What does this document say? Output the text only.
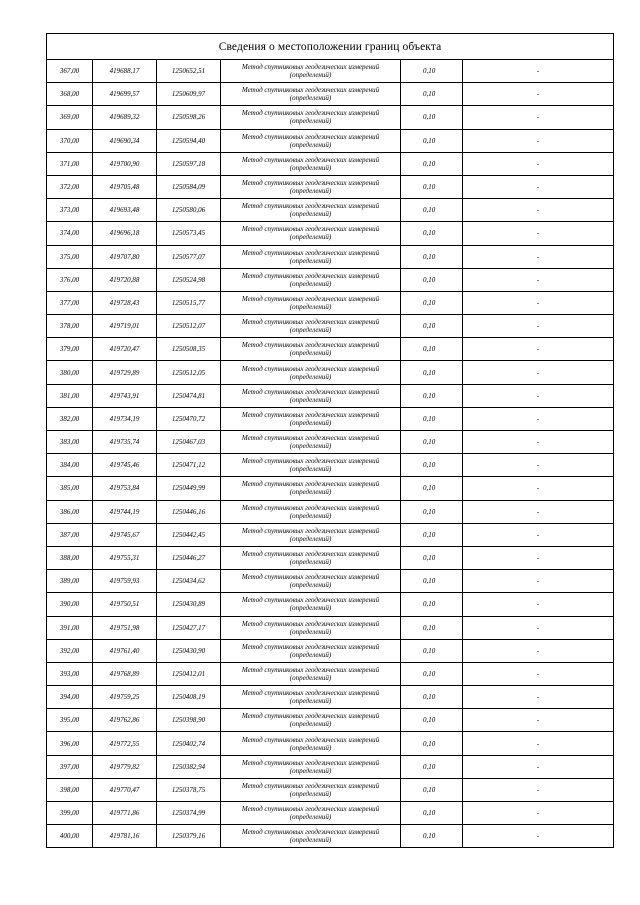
Сведения о местоположении границ объекта					
367,00	419688,17	1250652,51	Метод спутниковых геодезических измерений
(определений)	0,10	-
368,00	419699,57	1250609,97	Метод спутниковых геодезических измерений
(определений)	0,10	-
369,00	419689,32	1250598,26	Метод спутниковых геодезических измерений
(определений)	0,10	-
370,00	419690,34	1250594,40	Метод спутниковых геодезических измерений
(определений)	0,10	-
371,00	419700,90	1250597,18	Метод спутниковых геодезических измерений
(определений)	0,10	-
372,00	419705,48	1250584,09	Метод спутниковых геодезических измерений
(определений)	0,10	-
373,00	419693,48	1250580,06	Метод спутниковых геодезических измерений
(определений)	0,10	-
374,00	419696,18	1250573,45	Метод спутниковых геодезических измерений
(определений)	0,10	-
375,00	419707,80	1250577,07	Метод спутниковых геодезических измерений
(определений)	0,10	-
376,00	419720,88	1250524,98	Метод спутниковых геодезических измерений
(определений)	0,10	-
377,00	419728,43	1250515,77	Метод спутниковых геодезических измерений
(определений)	0,10	-
378,00	419719,01	1250512,07	Метод спутниковых геодезических измерений
(определений)	0,10	-
379,00	419720,47	1250508,35	Метод спутниковых геодезических измерений
(определений)	0,10	-
380,00	419729,89	1250512,05	Метод спутниковых геодезических измерений
(определений)	0,10	-
381,00	419743,91	1250474,81	Метод спутниковых геодезических измерений
(определений)	0,10	-
382,00	419734,19	1250470,72	Метод спутниковых геодезических измерений
(определений)	0,10	-
383,00	419735,74	1250467,03	Метод спутниковых геодезических измерений
(определений)	0,10	-
384,00	419745,46	1250471,12	Метод спутниковых геодезических измерений
(определений)	0,10	-
385,00	419753,84	1250449,99	Метод спутниковых геодезических измерений
(определений)	0,10	-
386,00	419744,19	1250446,16	Метод спутниковых геодезических измерений
(определений)	0,10	-
387,00	419745,67	1250442,45	Метод спутниковых геодезических измерений
(определений)	0,10	-
388,00	419755,31	1250446,27	Метод спутниковых геодезических измерений
(определений)	0,10	-
389,00	419759,93	1250434,62	Метод спутниковых геодезических измерений
(определений)	0,10	-
390,00	419750,51	1250430,89	Метод спутниковых геодезических измерений
(определений)	0,10	-
391,00	419751,98	1250427,17	Метод спутниковых геодезических измерений
(определений)	0,10	-
392,00	419761,40	1250430,90	Метод спутниковых геодезических измерений
(определений)	0,10	-
393,00	419768,89	1250412,01	Метод спутниковых геодезических измерений
(определений)	0,10	-
394,00	419759,25	1250408,19	Метод спутниковых геодезических измерений
(определений)	0,10	-
395,00	419762,86	1250398,90	Метод спутниковых геодезических измерений
(определений)	0,10	-
396,00	419772,55	1250402,74	Метод спутниковых геодезических измерений
(определений)	0,10	-
397,00	419779,82	1250382,94	Метод спутниковых геодезических измерений
(определений)	0,10	-
398,00	419770,47	1250378,75	Метод спутниковых геодезических измерений
(определений)	0,10	-
399,00	419771,86	1250374,99	Метод спутниковых геодезических измерений
(определений)	0,10	-
400,00	419781,16	1250379,16	Метод спутниковых геодезических измерений
(определений)	0,10	-
